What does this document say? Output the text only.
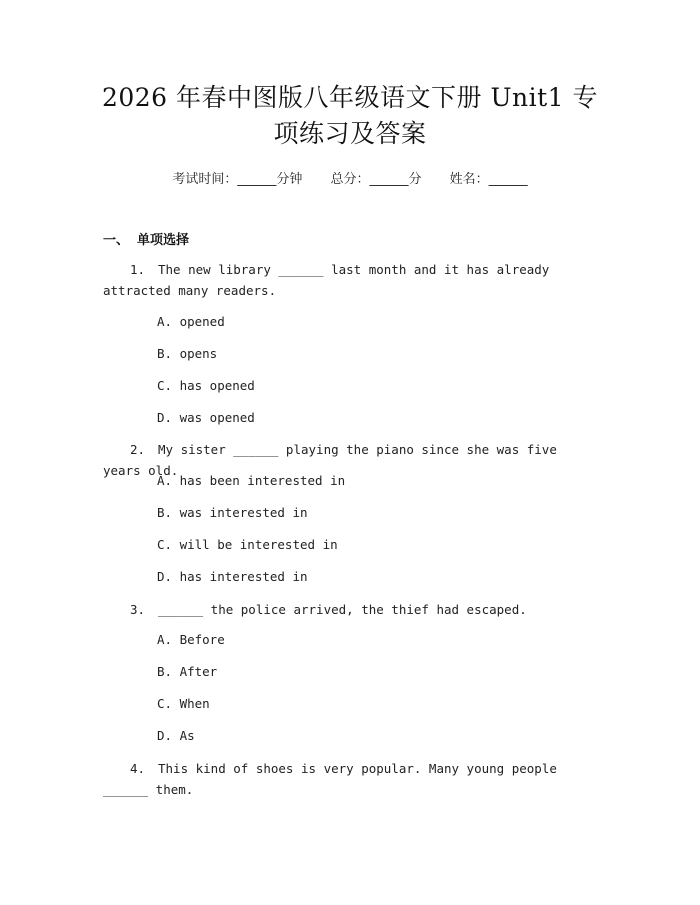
2026 年春中图版八年级语文下册 Unit1 专项练习及答案
考试时间：______分钟 总分：______分 姓名：______
一、 单项选择
1. The new library ______ last month and it has already attracted many readers.
A. opened
B. opens
C. has opened
D. was opened
2. My sister ______ playing the piano since she was five years old.
A. has been interested in
B. was interested in
C. will be interested in
D. has interested in
3. ______ the police arrived, the thief had escaped.
A. Before
B. After
C. When
D. As
4. This kind of shoes is very popular. Many young people ______ them.
